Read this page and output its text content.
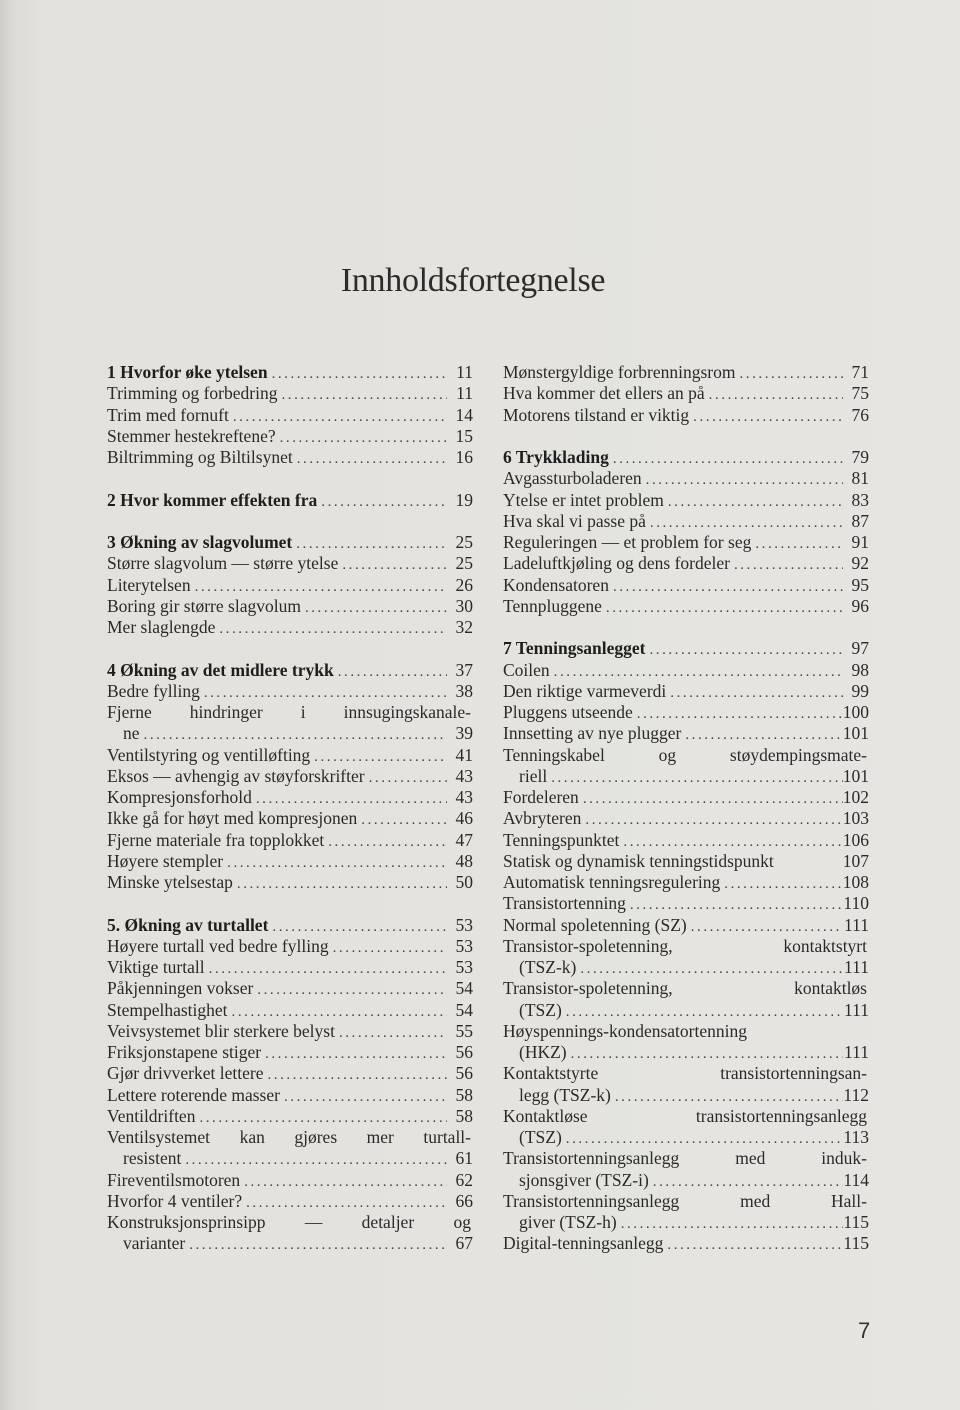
Innholdsfortegnelse
1 Hvorfor øke ytelsen . . .	11
Trimming og forbedring . . .	11
Trim med fornuft . . .	14
Stemmer hestekreftene? . . .	15
Biltrimming og Biltilsynet . . .	16
2 Hvor kommer effekten fra . . .	19
3 Økning av slagvolumet . . .	25
Større slagvolum — større ytelse . . .	25
Literytelsen . . .	26
Boring gir større slagvolum . . .	30
Mer slaglengde . . .	32
4 Økning av det midlere trykk . . .	37
Bedre fylling . . .	38
Fjerne hindringer i innsugingskanale-
ne . . .	39
Ventilstyring og ventilløfting . . .	41
Eksos — avhengig av støyforskrifter . . .	43
Kompresjonsforhold . . .	43
Ikke gå for høyt med kompresjonen . . .	46
Fjerne materiale fra topplokket . . .	47
Høyere stempler . . .	48
Minske ytelsestap . . .	50
5. Økning av turtallet . . .	53
Høyere turtall ved bedre fylling . . .	53
Viktige turtall . . .	53
Påkjenningen vokser . . .	54
Stempelhastighet . . .	54
Veivsystemet blir sterkere belyst . . .	55
Friksjonstapene stiger . . .	56
Gjør drivverket lettere . . .	56
Lettere roterende masser . . .	58
Ventildriften . . .	58
Ventilsystemet kan gjøres mer turtall-
resistent . . .	61
Fireventilsmotoren . . .	62
Hvorfor 4 ventiler? . . .	66
Konstruksjonsprinsipp — detaljer og
varianter . . .	67
Mønstergyldige forbrenningsrom . . .	71
Hva kommer det ellers an på . . .	75
Motorens tilstand er viktig . . .	76
6 Trykklading . . .	79
Avgassturboladeren . . .	81
Ytelse er intet problem . . .	83
Hva skal vi passe på . . .	87
Reguleringen — et problem for seg . . .	91
Ladeluftkjøling og dens fordeler . . .	92
Kondensatoren . . .	95
Tennpluggene . . .	96
7 Tenningsanlegget . . .	97
Coilen . . .	98
Den riktige varmeverdi . . .	99
Pluggens utseende . . .	100
Innsetting av nye plugger . . .	101
Tenningskabel og støydempingsmate-
riell . . .	101
Fordeleren . . .	102
Avbryteren . . .	103
Tenningspunktet . . .	106
Statisk og dynamisk tenningstidspunkt	107
Automatisk tenningsregulering . . .	108
Transistortenning . . .	110
Normal spoletenning (SZ) . . .	111
Transistor-spoletenning, kontaktstyrt
(TSZ-k) . . .	111
Transistor-spoletenning, kontaktløs
(TSZ) . . .	111
Høyspennings-kondensatortenning
(HKZ) . . .	111
Kontaktstyrte transistortenningsan-
legg (TSZ-k) . . .	112
Kontaktløse transistortenningsanlegg
(TSZ) . . .	113
Transistortenningsanlegg med induk-
sjonsgiver (TSZ-i) . . .	114
Transistortenningsanlegg med Hall-
giver (TSZ-h) . . .	115
Digital-tenningsanlegg . . .	115
7
